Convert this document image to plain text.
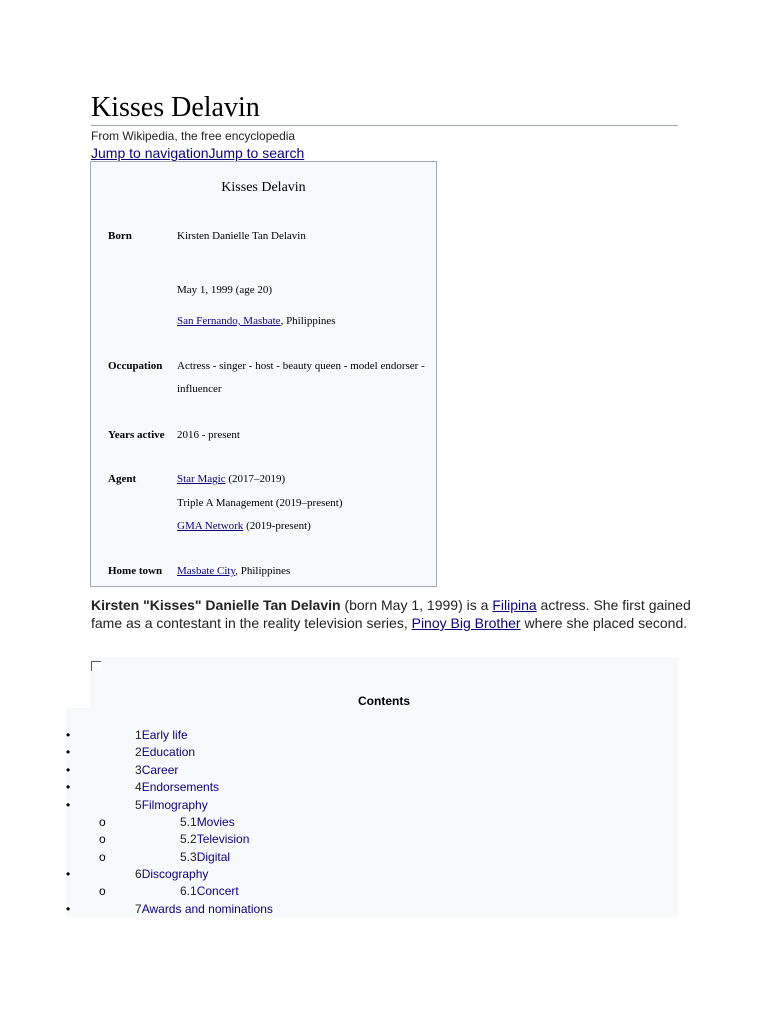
Kisses Delavin
From Wikipedia, the free encyclopedia
Jump to navigationJump to search
Kisses Delavin
Born	Kirsten Danielle Tan Delavin
May 1, 1999 (age 20)
San Fernando, Masbate, Philippines
Occupation Actress - singer - host - beauty queen - model endorser -
influencer
Years active 2016 - present
Agent	Star Magic (2017–2019)
Triple A Management (2019–present)
GMA Network (2019-present)
Home town Masbate City, Philippines
Kirsten "Kisses" Danielle Tan Delavin (born May 1, 1999) is a Filipina actress. She first gained fame as a contestant in the reality television series, Pinoy Big Brother where she placed second.
Contents
•	1Early life
•	2Education
•	3Career
•	4Endorsements
•	5Filmography
o	5.1Movies
o	5.2Television
o	5.3Digital
•	6Discography
o	6.1Concert
•	7Awards and nominations
